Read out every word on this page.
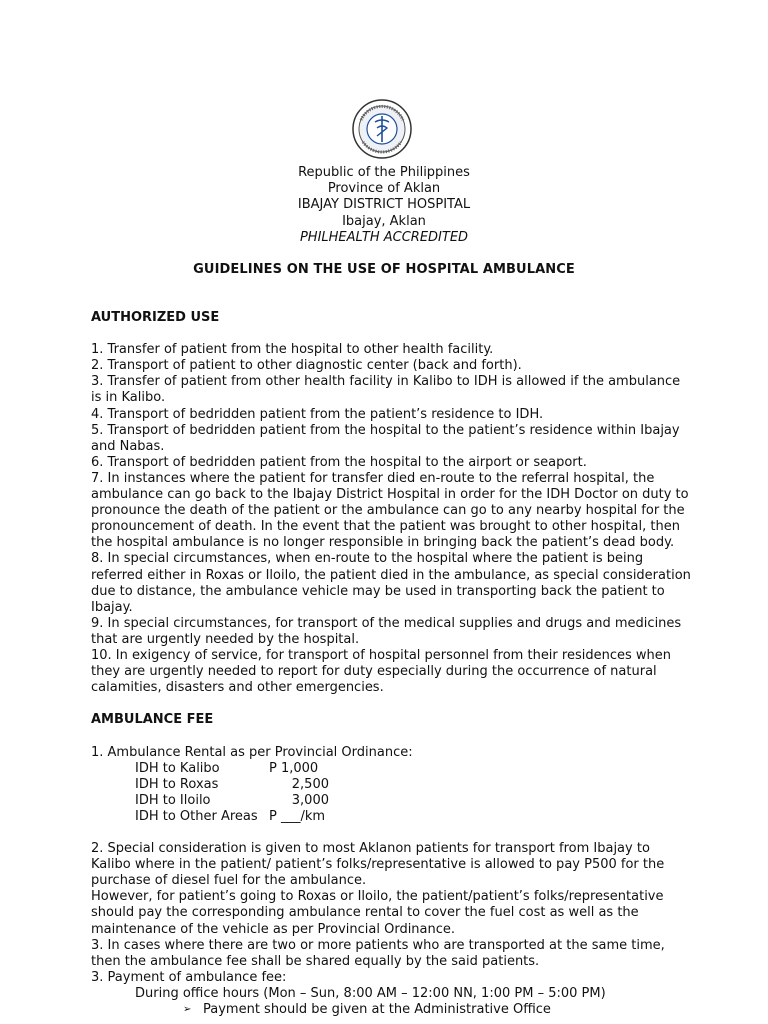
Republic of the Philippines
Province of Aklan
IBAJAY DISTRICT HOSPITAL
Ibajay, Aklan
PHILHEALTH ACCREDITED
GUIDELINES ON THE USE OF HOSPITAL AMBULANCE
AUTHORIZED USE

1. Transfer of patient from the hospital to other health facility.

2. Transport of patient to other diagnostic center (back and forth).

3. Transfer of patient from other health facility in Kalibo to IDH is allowed if the ambulance is in Kalibo.

4. Transport of bedridden patient from the patient’s residence to IDH.

5. Transport of bedridden patient from the hospital to the patient’s residence within Ibajay and Nabas.

6. Transport of bedridden patient from the hospital to the airport or seaport.

7. In instances where the patient for transfer died en-route to the referral hospital, the ambulance can go back to the Ibajay District Hospital in order for the IDH Doctor on duty to pronounce the death of the patient or the ambulance can go to any nearby hospital for the pronouncement of death. In the event that the patient was brought to other hospital, then the hospital ambulance is no longer responsible in bringing back the patient’s dead body.

8. In special circumstances, when en-route to the hospital where the patient is being referred either in Roxas or Iloilo, the patient died in the ambulance, as special consideration due to distance, the ambulance vehicle may be used in transporting back the patient to Ibajay.

9. In special circumstances, for transport of the medical supplies and drugs and medicines that are urgently needed by the hospital.

10. In exigency of service, for transport of hospital personnel from their residences when they are urgently needed to report for duty especially during the occurrence of natural calamities, disasters and other emergencies.

AMBULANCE FEE

1. Ambulance Rental as per Provincial Ordinance:

IDH to Kalibo	P 1,000
IDH to Roxas	2,500
IDH to Iloilo	3,000
IDH to Other Areas P ___/km

2. Special consideration is given to most Aklanon patients for transport from Ibajay to Kalibo where in the patient/ patient’s folks/representative is allowed to pay P500 for the purchase of diesel fuel for the ambulance.

However, for patient’s going to Roxas or Iloilo, the patient/patient’s folks/representative should pay the corresponding ambulance rental to cover the fuel cost as well as the maintenance of the vehicle as per Provincial Ordinance.

3. In cases where there are two or more patients who are transported at the same time, then the ambulance fee shall be shared equally by the said patients.

3. Payment of ambulance fee:

During office hours (Mon – Sun, 8:00 AM – 12:00 NN, 1:00 PM – 5:00 PM)

➢ Payment should be given at the Administrative Office
